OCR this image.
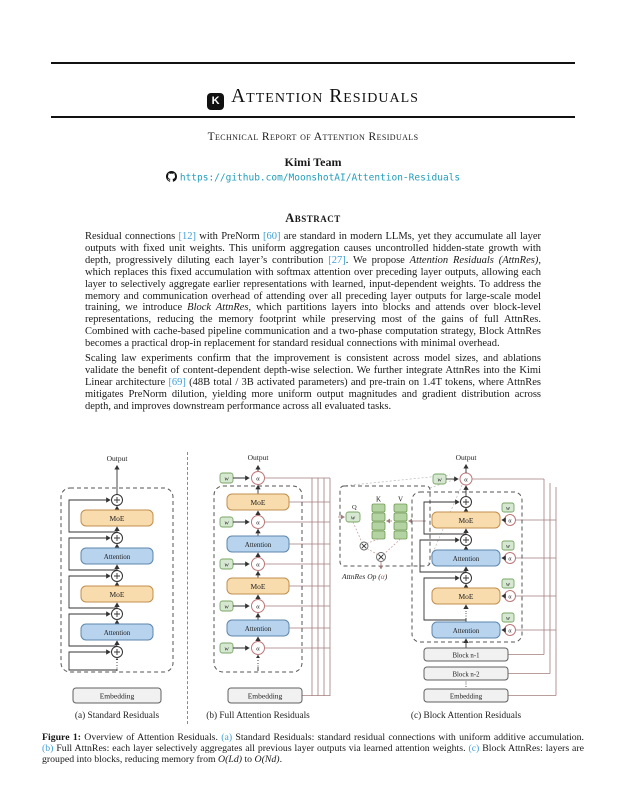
K Attention Residuals
Technical Report of Attention Residuals
Kimi Team
https://github.com/MoonshotAI/Attention-Residuals
Abstract

Residual connections [12] with PreNorm [60] are standard in modern LLMs, yet they accumulate all layer outputs with fixed unit weights. This uniform aggregation causes uncontrolled hidden-state growth with depth, progressively diluting each layer’s contribution [27]. We propose Attention Residuals (AttnRes), which replaces this fixed accumulation with softmax attention over preceding layer outputs, allowing each layer to selectively aggregate earlier representations with learned, input-dependent weights. To address the memory and communication overhead of attending over all preceding layer outputs for large-scale model training, we introduce Block AttnRes, which partitions layers into blocks and attends over block-level representations, reducing the memory footprint while preserving most of the gains of full AttnRes. Combined with cache-based pipeline communication and a two-phase computation strategy, Block AttnRes becomes a practical drop-in replacement for standard residual connections with minimal overhead.

Scaling law experiments confirm that the improvement is consistent across model sizes, and ablations validate the benefit of content-dependent depth-wise selection. We further integrate AttnRes into the Kimi Linear architecture [69] (48B total / 3B activated parameters) and pre-train on 1.4T tokens, where AttnRes mitigates PreNorm dilution, yielding more uniform output magnitudes and gradient distribution across depth, and improves downstream performance across all evaluated tasks.

Output
MoE
Attention
MoE
Attention
⋮
Embedding
(a) Standard Residuals
Output
w	α
w	α
w	α
w	α
w	α
MoE
Attention
MoE
Attention
⋮
Embedding
(b) Full Attention Residuals
Output
Q
w
K V
AttnRes Op (α)
w	α
MoE
Attention
MoE
Attention
⋮
w
α
w
α
w
α
w
α
Block n-1
Block n-2
⋮
Embedding
(c) Block Attention Residuals
Figure 1: Overview of Attention Residuals. (a) Standard Residuals: standard residual connections with uniform additive accumulation. (b) Full AttnRes: each layer selectively aggregates all previous layer outputs via learned attention weights. (c) Block AttnRes: layers are grouped into blocks, reducing memory from O(Ld) to O(Nd).
